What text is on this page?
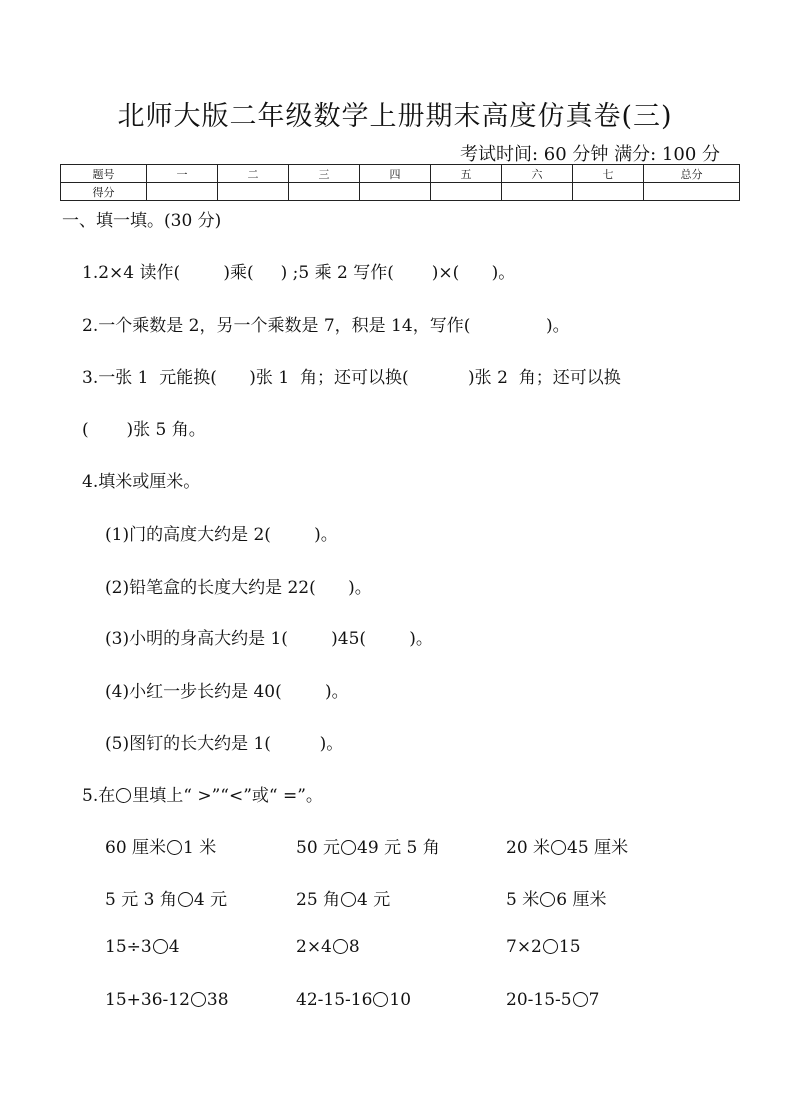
北师大版二年级数学上册期末高度仿真卷(三)
考试时间: 60 分钟 满分: 100 分
题号	一	二	三	四	五	六	七	总分
得分								
一、填一填。(30 分)
1.2×4 读作(        )乘(     ) ;5 乘 2 写作(       )×(      )。
2.一个乘数是 2，另一个乘数是 7，积是 14，写作(              )。
3.一张 1  元能换(      )张 1  角；还可以换(           )张 2  角；还可以换
(       )张 5 角。
4.填米或厘米。
(1)门的高度大约是 2(        )。
(2)铅笔盒的长度大约是 22(      )。
(3)小明的身高大约是 1(        )45(        )。
(4)小红一步长约是 40(        )。
(5)图钉的长大约是 1(         )。
5.在 里填上“ >”“<”或“ =”。
60 厘米 1 米	50 元 49 元 5 角	20 米 45 厘米
5 元 3 角 4 元	25 角 4 元	5 米 6 厘米
15÷3 4	2×4 8	7×2 15
15+36-12 38	42-15-16 10	20-15-5 7
